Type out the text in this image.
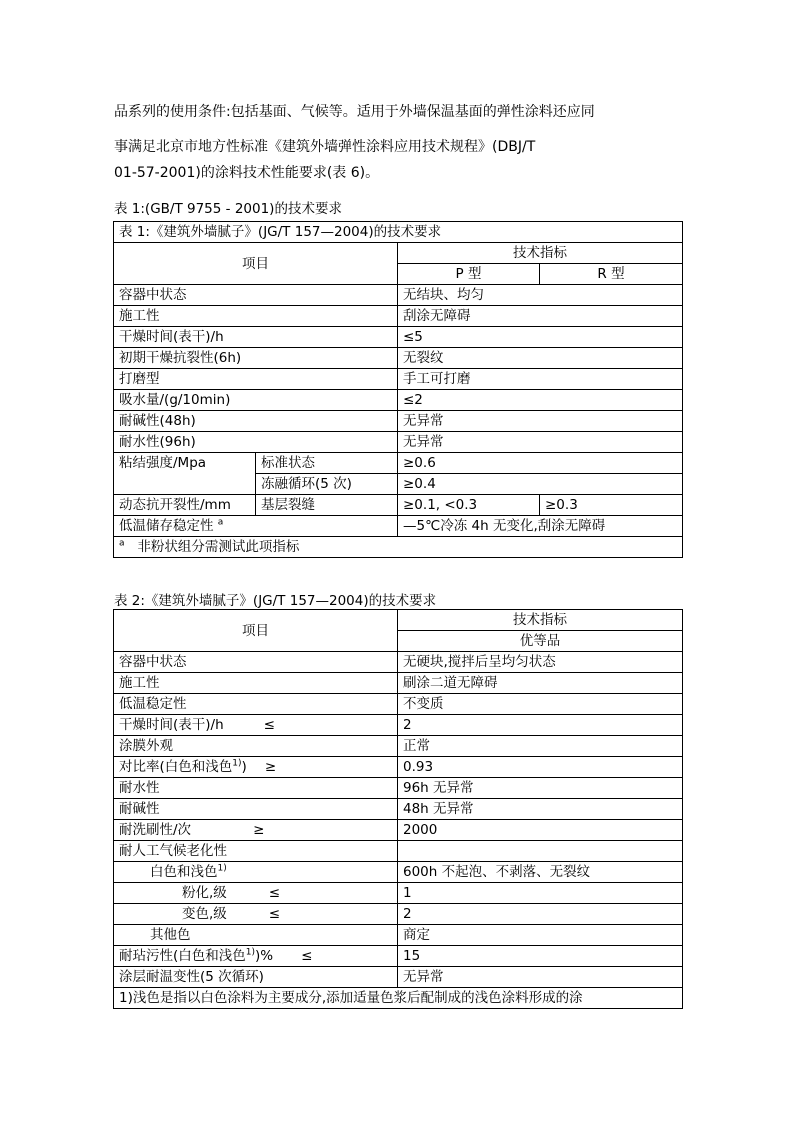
品系列的使用条件:包括基面、气候等。适用于外墙保温基面的弹性涂料还应同
事满足北京市地方性标准《建筑外墙弹性涂料应用技术规程》(DBJ/T
01-57-2001)的涂料技术性能要求(表 6)。
表 1:(GB/T 9755 - 2001)的技术要求
表 1:《建筑外墙腻子》(JG/T 157—2004)的技术要求			
项目		技术指标	
		P 型	R 型
容器中状态		无结块、均匀	
施工性		刮涂无障碍	
干燥时间(表干)/h		≤5	
初期干燥抗裂性(6h)		无裂纹	
打磨型		手工可打磨	
吸水量/(g/10min)		≤2	
耐碱性(48h)		无异常	
耐水性(96h)		无异常	
粘结强度/Mpa	标准状态	≥0.6	
	冻融循环(5 次)	≥0.4	
动态抗开裂性/mm	基层裂缝	≥0.1, <0.3	≥0.3
低温储存稳定性 $^a$		—5℃冷冻 4h 无变化,刮涂无障碍	
$^a$ 非粉状组分需测试此项指标			
表 2:《建筑外墙腻子》(JG/T 157—2004)的技术要求
项目	技术指标
	优等品
容器中状态	无硬块,搅拌后呈均匀状态
施工性	刷涂二道无障碍
低温稳定性	不变质
干燥时间(表干)/h ≤	2
涂膜外观	正常
对比率(白色和浅色$^{1)}$) ≥	0.93
耐水性	96h 无异常
耐碱性	48h 无异常
耐洗刷性/次 ≥	2000
耐人工气候老化性	
白色和浅色$^{1)}$	600h 不起泡、不剥落、无裂纹
粉化,级 ≤	1
变色,级 ≤	2
其他色	商定
耐玷污性(白色和浅色$^{1)}$)% ≤	15
涂层耐温变性(5 次循环)	无异常
1)浅色是指以白色涂料为主要成分,添加适量色浆后配制成的浅色涂料形成的涂	
